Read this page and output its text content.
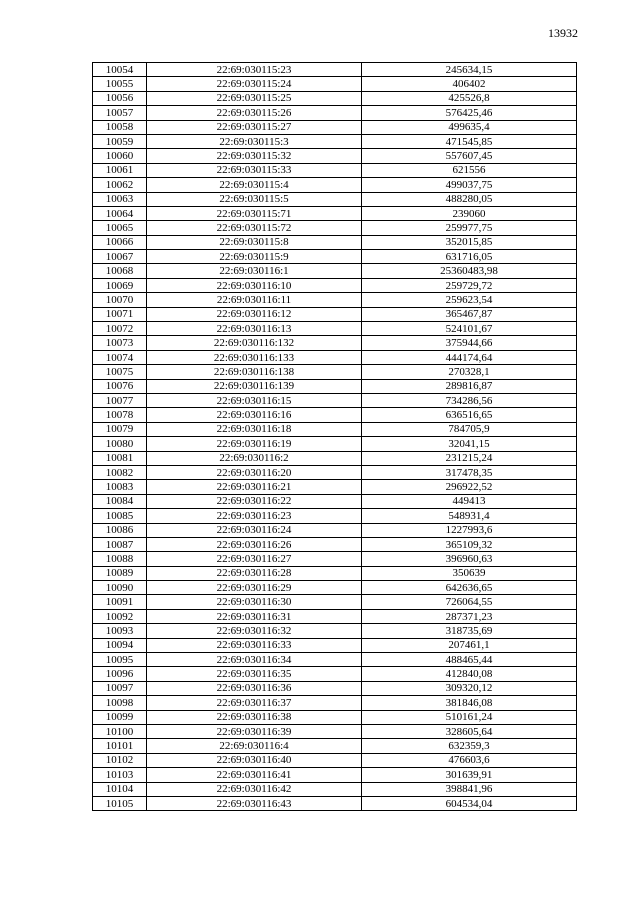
13932
10054	22:69:030115:23	245634,15
10055	22:69:030115:24	406402
10056	22:69:030115:25	425526,8
10057	22:69:030115:26	576425,46
10058	22:69:030115:27	499635,4
10059	22:69:030115:3	471545,85
10060	22:69:030115:32	557607,45
10061	22:69:030115:33	621556
10062	22:69:030115:4	499037,75
10063	22:69:030115:5	488280,05
10064	22:69:030115:71	239060
10065	22:69:030115:72	259977,75
10066	22:69:030115:8	352015,85
10067	22:69:030115:9	631716,05
10068	22:69:030116:1	25360483,98
10069	22:69:030116:10	259729,72
10070	22:69:030116:11	259623,54
10071	22:69:030116:12	365467,87
10072	22:69:030116:13	524101,67
10073	22:69:030116:132	375944,66
10074	22:69:030116:133	444174,64
10075	22:69:030116:138	270328,1
10076	22:69:030116:139	289816,87
10077	22:69:030116:15	734286,56
10078	22:69:030116:16	636516,65
10079	22:69:030116:18	784705,9
10080	22:69:030116:19	32041,15
10081	22:69:030116:2	231215,24
10082	22:69:030116:20	317478,35
10083	22:69:030116:21	296922,52
10084	22:69:030116:22	449413
10085	22:69:030116:23	548931,4
10086	22:69:030116:24	1227993,6
10087	22:69:030116:26	365109,32
10088	22:69:030116:27	396960,63
10089	22:69:030116:28	350639
10090	22:69:030116:29	642636,65
10091	22:69:030116:30	726064,55
10092	22:69:030116:31	287371,23
10093	22:69:030116:32	318735,69
10094	22:69:030116:33	207461,1
10095	22:69:030116:34	488465,44
10096	22:69:030116:35	412840,08
10097	22:69:030116:36	309320,12
10098	22:69:030116:37	381846,08
10099	22:69:030116:38	510161,24
10100	22:69:030116:39	328605,64
10101	22:69:030116:4	632359,3
10102	22:69:030116:40	476603,6
10103	22:69:030116:41	301639,91
10104	22:69:030116:42	398841,96
10105	22:69:030116:43	604534,04
